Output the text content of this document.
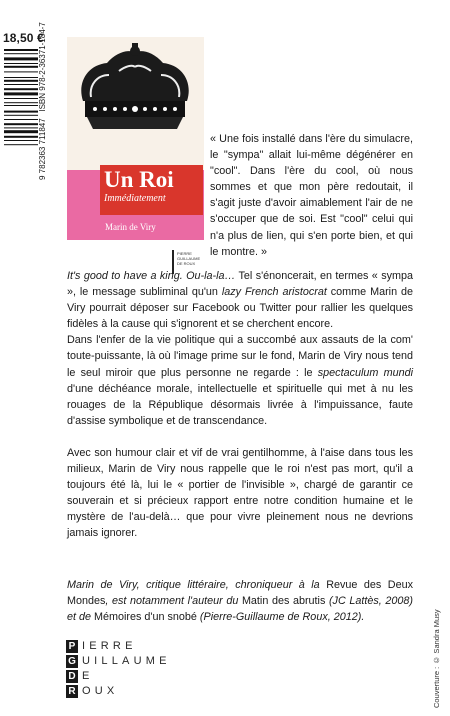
18,50 €
9 782363 711847   ISBN 978-2-36371-184-7
Un Roi
Immédiatement
Marin de Viry
PIERRE
GUILLAUME
DE ROUX
« Une fois installé dans l'ère du simulacre, le "sympa" allait lui-même dégénérer en "cool". Dans l'ère du cool, où nous sommes et que mon père redoutait, il s'agit juste d'avoir aimablement l'air de ne s'occuper que de soi. Est "cool" celui qui n'a plus de lien, qui s'en porte bien, et qui le montre. »

It's good to have a king. Ou-la-la… Tel s'énoncerait, en termes « sympa », le message subliminal qu'un lazy French aristocrat comme Marin de Viry pourrait déposer sur Facebook ou Twitter pour rallier les quelques fidèles à la cause qui s'ignorent et se cherchent encore.

Dans l'enfer de la vie politique qui a succombé aux assauts de la com' toute-puissante, là où l'image prime sur le fond, Marin de Viry nous tend le seul miroir que plus personne ne regarde : le spectaculum mundi d'une déchéance morale, intellectuelle et spirituelle qui met à nu les rouages de la République désormais livrée à l'impuissance, faute d'assise symbolique et de transcendance.

Avec son humour clair et vif de vrai gentilhomme, à l'aise dans tous les milieux, Marin de Viry nous rappelle que le roi n'est pas mort, qu'il a toujours été là, lui le « portier de l'invisible », chargé de garantir ce souverain et si précieux rapport entre notre condition humaine et le mystère de l'au-delà… que pour vivre pleinement nous ne devrions jamais ignorer.

Marin de Viry, critique littéraire, chroniqueur à la Revue des Deux Mondes, est notamment l'auteur du Matin des abrutis (JC Lattès, 2008) et de Mémoires d'un snobé (Pierre-Guillaume de Roux, 2012).
P IERRE
G UILLAUME
D E
R OUX	Couverture : © Sandra Musy
